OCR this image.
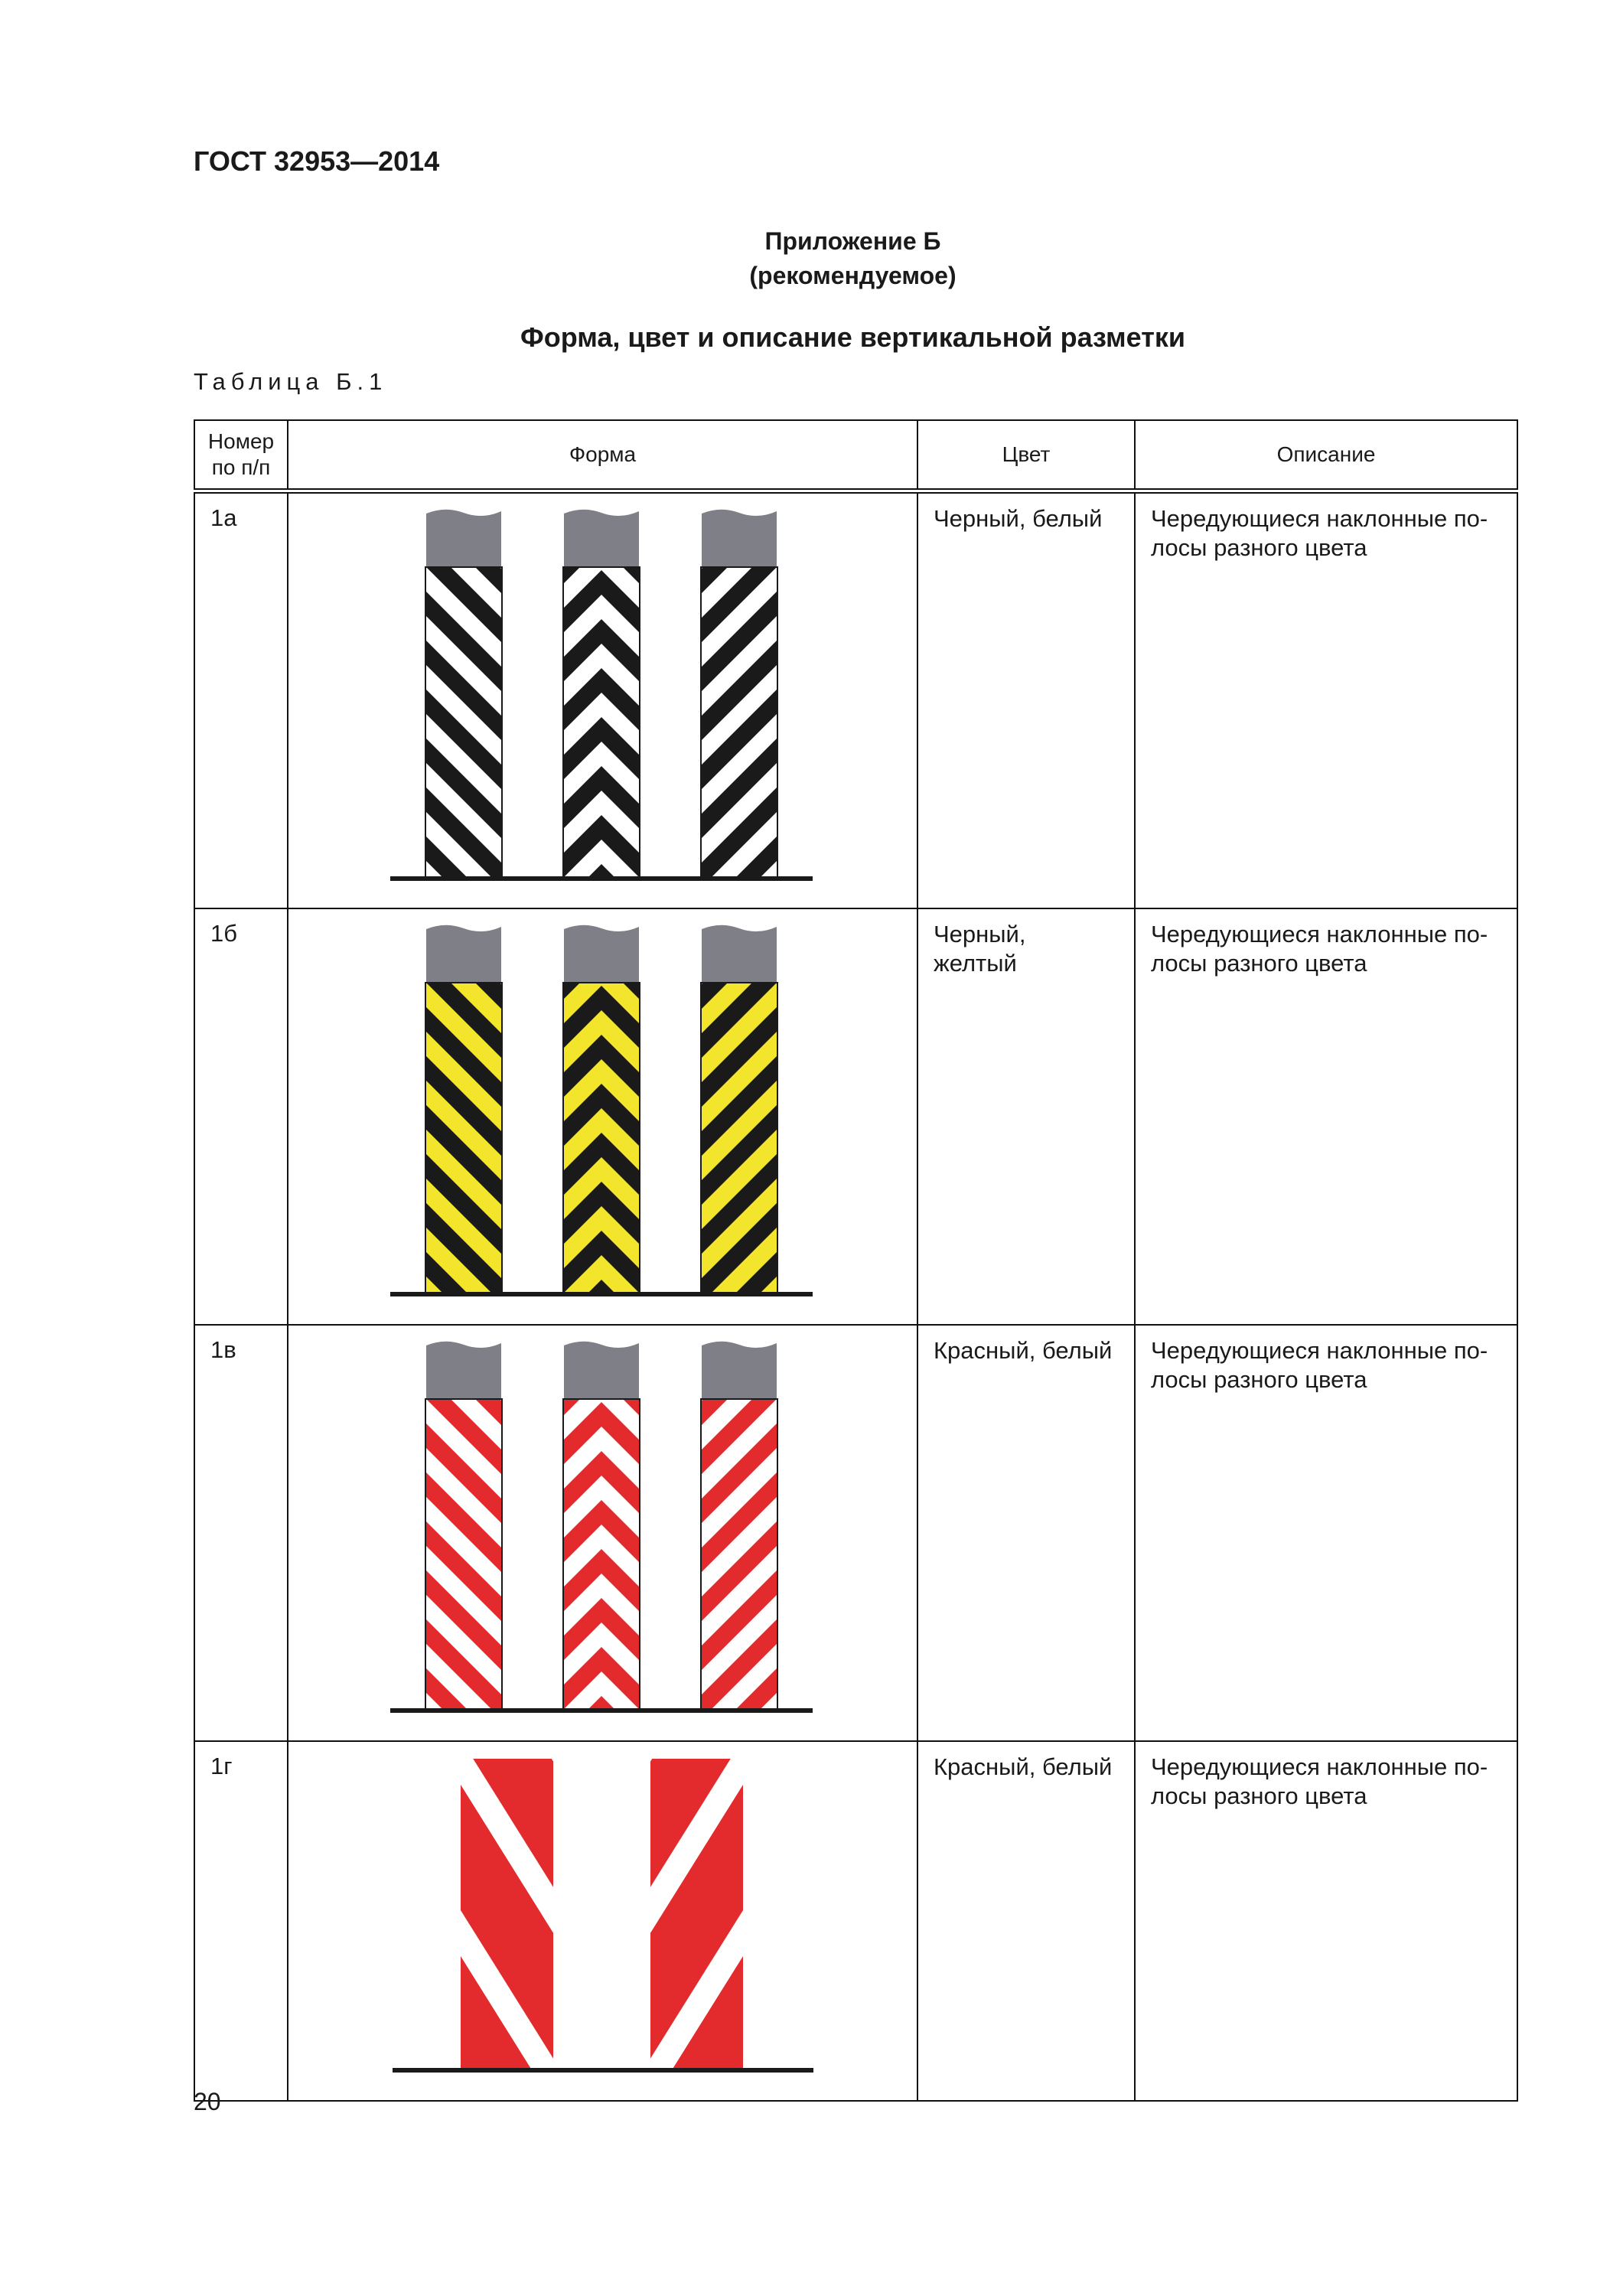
ГОСТ 32953—2014
Приложение Б
(рекомендуемое)
Форма, цвет и описание вертикальной разметки
Таблица Б.1
Номер
по п/п	Форма	Цвет	Описание
1а		Черный, белый	Чередующиеся наклонные по-
лосы разного цвета
1б		Черный,
желтый	Чередующиеся наклонные по-
лосы разного цвета
1в		Красный, белый	Чередующиеся наклонные по-
лосы разного цвета
1г		Красный, белый	Чередующиеся наклонные по-
лосы разного цвета
20
